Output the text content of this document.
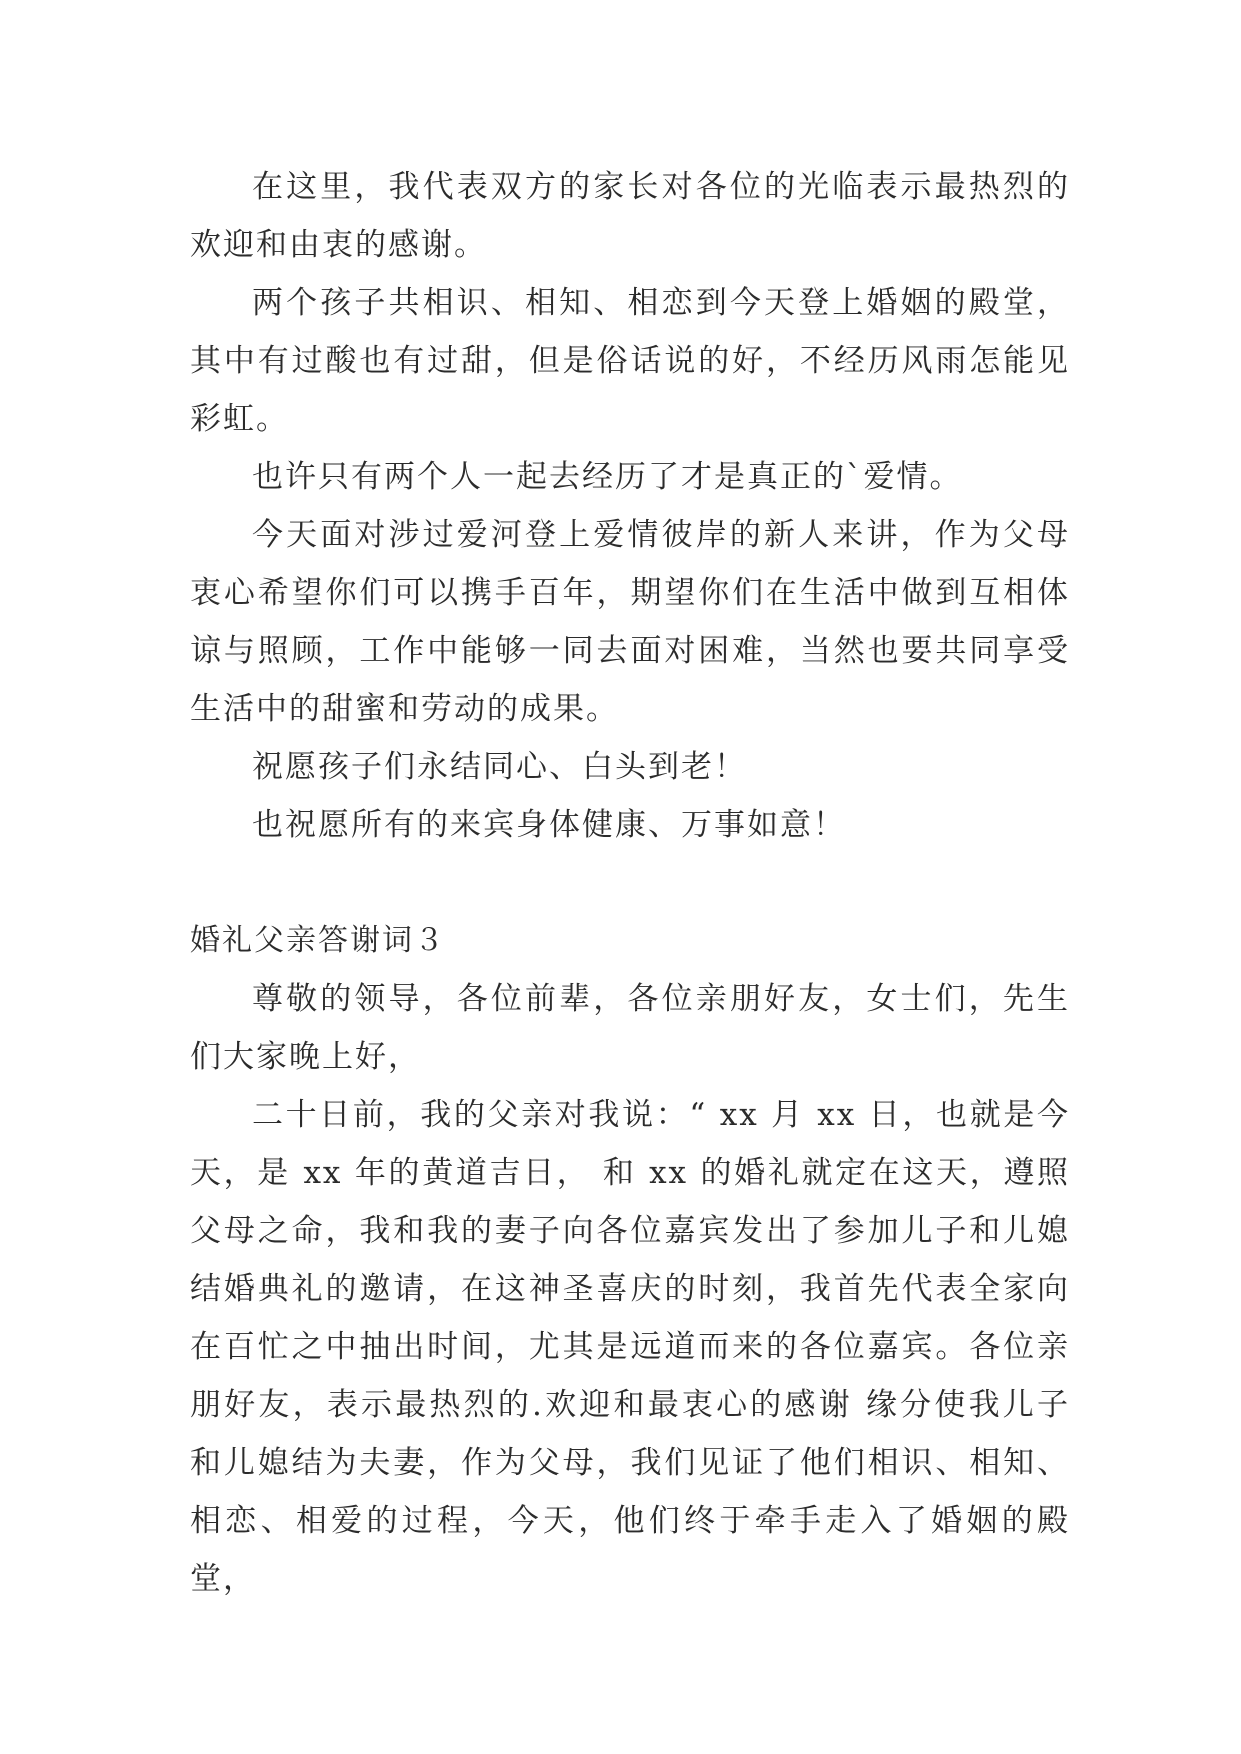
在这里，我代表双方的家长对各位的光临表示最热烈的欢迎和由衷的感谢。

两个孩子共相识、相知、相恋到今天登上婚姻的殿堂，其中有过酸也有过甜，但是俗话说的好，不经历风雨怎能见彩虹。

也许只有两个人一起去经历了才是真正的`爱情。

今天面对涉过爱河登上爱情彼岸的新人来讲，作为父母衷心希望你们可以携手百年，期望你们在生活中做到互相体谅与照顾，工作中能够一同去面对困难，当然也要共同享受生活中的甜蜜和劳动的成果。

祝愿孩子们永结同心、白头到老！

也祝愿所有的来宾身体健康、万事如意！

婚礼父亲答谢词３

尊敬的领导，各位前辈，各位亲朋好友，女士们，先生们大家晚上好，

二十日前，我的父亲对我说：“ xx 月 xx 日，也就是今天，是 xx 年的黄道吉日， 和 xx 的婚礼就定在这天，遵照父母之命，我和我的妻子向各位嘉宾发出了参加儿子和儿媳结婚典礼的邀请，在这神圣喜庆的时刻，我首先代表全家向在百忙之中抽出时间，尤其是远道而来的各位嘉宾。各位亲朋好友，表示最热烈的.欢迎和最衷心的感谢 缘分使我儿子和儿媳结为夫妻，作为父母，我们见证了他们相识、相知、相恋、相爱的过程，今天，他们终于牵手走入了婚姻的殿堂，
